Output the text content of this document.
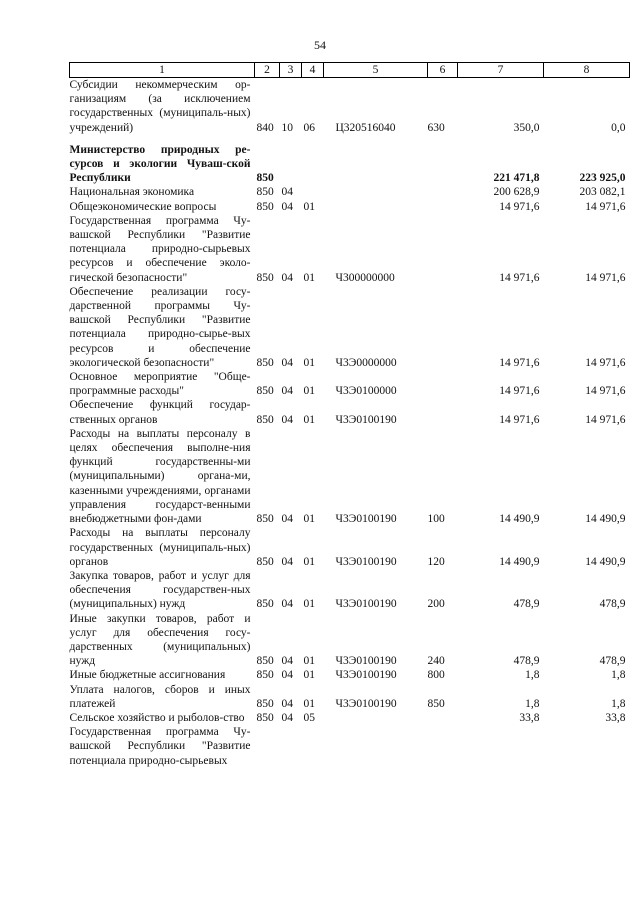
54
1	2	3	4	5	6	7	8
Субсидии некоммерческим ор-ганизациям (за исключением государственных (муниципаль-ных) учреждений)	840	10	06	Ц320516040	630	350,0	0,0
Министерство природных ре-сурсов и экологии Чуваш-ской Республики	850					221 471,8	223 925,0
Национальная экономика	850	04				200 628,9	203 082,1
Общеэкономические вопросы	850	04	01			14 971,6	14 971,6
Государственная программа Чу-вашской Республики "Развитие потенциала природно-сырьевых ресурсов и обеспечение эколо-гической безопасности"	850	04	01	Ч300000000		14 971,6	14 971,6
Обеспечение реализации госу-дарственной программы Чу-вашской Республики "Развитие потенциала природно-сырье-вых ресурсов и обеспечение экологической безопасности"	850	04	01	Ч3Э0000000		14 971,6	14 971,6
Основное мероприятие "Обще-программные расходы"	850	04	01	Ч3Э0100000		14 971,6	14 971,6
Обеспечение функций государ-ственных органов	850	04	01	Ч3Э0100190		14 971,6	14 971,6
Расходы на выплаты персоналу в целях обеспечения выполне-ния функций государственны-ми (муниципальными) органа-ми, казенными учреждениями, органами управления государст-венными внебюджетными фон-дами	850	04	01	Ч3Э0100190	100	14 490,9	14 490,9
Расходы на выплаты персоналу государственных (муниципаль-ных) органов	850	04	01	Ч3Э0100190	120	14 490,9	14 490,9
Закупка товаров, работ и услуг для обеспечения государствен-ных (муниципальных) нужд	850	04	01	Ч3Э0100190	200	478,9	478,9
Иные закупки товаров, работ и услуг для обеспечения госу-дарственных (муниципальных) нужд	850	04	01	Ч3Э0100190	240	478,9	478,9
Иные бюджетные ассигнования	850	04	01	Ч3Э0100190	800	1,8	1,8
Уплата налогов, сборов и иных платежей	850	04	01	Ч3Э0100190	850	1,8	1,8
Сельское хозяйство и рыболов-ство	850	04	05			33,8	33,8
Государственная программа Чу-вашской Республики "Развитие потенциала природно-сырьевых							
